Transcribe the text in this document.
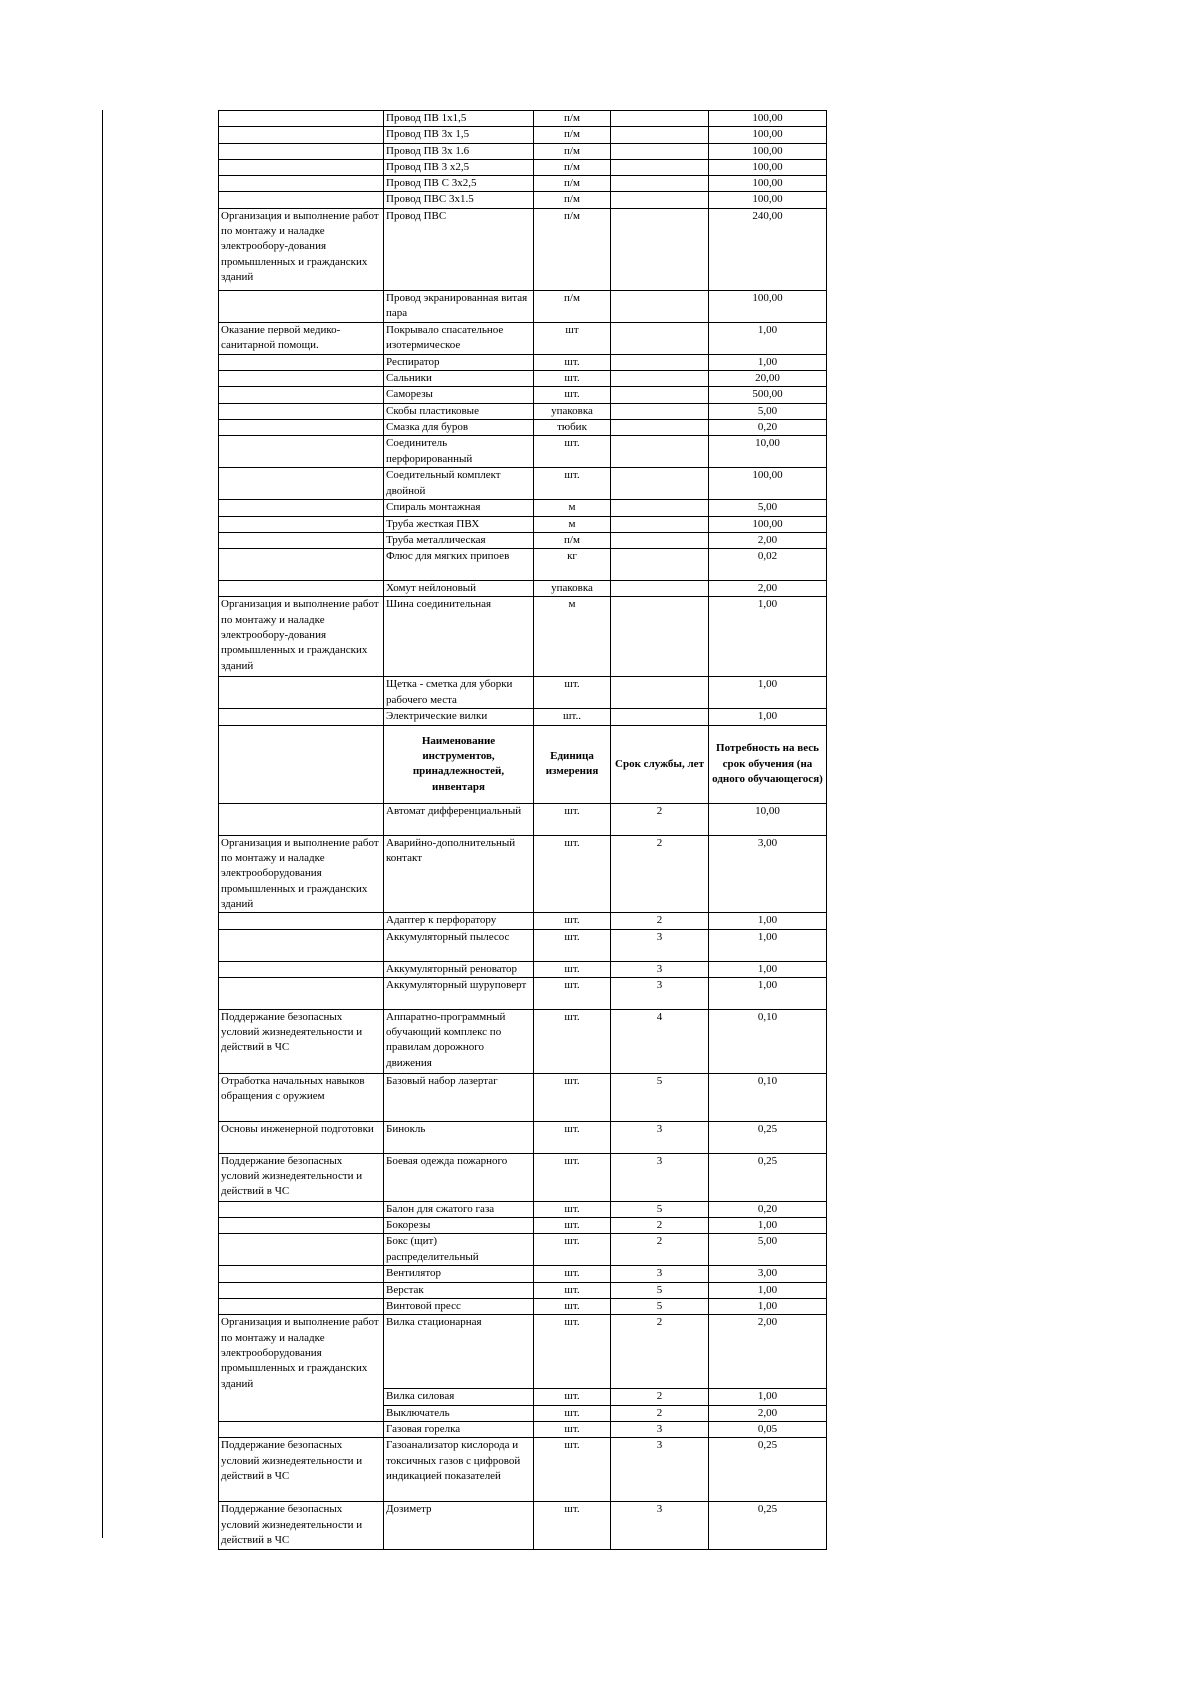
	Провод ПВ 1х1,5	п/м		100,00
	Провод ПВ 3х 1,5	п/м		100,00
	Провод ПВ 3х 1.6	п/м		100,00
	Провод ПВ 3 х2,5	п/м		100,00
	Провод ПВ С 3х2,5	п/м		100,00
	Провод ПВС 3х1.5	п/м		100,00
Организация и выполнение работ по монтажу и наладке электрообору-дования промышленных и гражданских зданий	Провод ПВС	п/м		240,00
	Провод экранированная витая пара	п/м		100,00
Оказание первой медико-санитарной помощи.	Покрывало спасательное изотермическое	шт		1,00
	Респиратор	шт.		1,00
	Сальники	шт.		20,00
	Саморезы	шт.		500,00
	Скобы пластиковые	упаковка		5,00
	Смазка для буров	тюбик		0,20
	Соединитель перфорированный	шт.		10,00
	Соедительный комплект двойной	шт.		100,00
	Спираль монтажная	м		5,00
	Труба жесткая ПВХ	м		100,00
	Труба металлическая	п/м		2,00
	Флюс для мягких припоев	кг		0,02
	Хомут нейлоновый	упаковка		2,00
Организация и выполнение работ по монтажу и наладке электрообору-дования промышленных и гражданских зданий	Шина соединительная	м		1,00
	Щетка - сметка для уборки рабочего места	шт.		1,00
	Электрические вилки	шт..		1,00
	Наименование инструментов, принадлежностей, инвентаря	Единица измерения	Срок службы, лет	Потребность на весь срок обучения (на одного обучающегося)
	Автомат дифференциальный	шт.	2	10,00
Организация и выполнение работ по монтажу и наладке электрооборудования промышленных и гражданских зданий	Аварийно-дополнительный контакт	шт.	2	3,00
	Адаптер к перфоратору	шт.	2	1,00
	Аккумуляторный пылесос	шт.	3	1,00
	Аккумуляторный реноватор	шт.	3	1,00
	Аккумуляторный шуруповерт	шт.	3	1,00
Поддержание безопасных условий жизнедеятельности и действий в ЧС	Аппаратно-программный обучающий комплекс по правилам дорожного движения	шт.	4	0,10
Отработка начальных навыков обращения с оружием	Базовый набор лазертаг	шт.	5	0,10
Основы инженерной подготовки	Бинокль	шт.	3	0,25
Поддержание безопасных условий жизнедеятельности и действий в ЧС	Боевая одежда пожарного	шт.	3	0,25
	Балон для сжатого газа	шт.	5	0,20
	Бокорезы	шт.	2	1,00
	Бокс (щит) распределительный	шт.	2	5,00
	Вентилятор	шт.	3	3,00
	Верстак	шт.	5	1,00
	Винтовой пресс	шт.	5	1,00
Организация и выполнение работ по монтажу и наладке электрооборудования промышленных и гражданских зданий	Вилка стационарная	шт.	2	2,00
	Вилка силовая	шт.	2	1,00
	Выключатель	шт.	2	2,00
	Газовая горелка	шт.	3	0,05
Поддержание безопасных условий жизнедеятельности и действий в ЧС	Газоанализатор кислорода и токсичных газов с цифровой индикацией показателей	шт.	3	0,25
Поддержание безопасных условий жизнедеятельности и действий в ЧС	Дозиметр	шт.	3	0,25
